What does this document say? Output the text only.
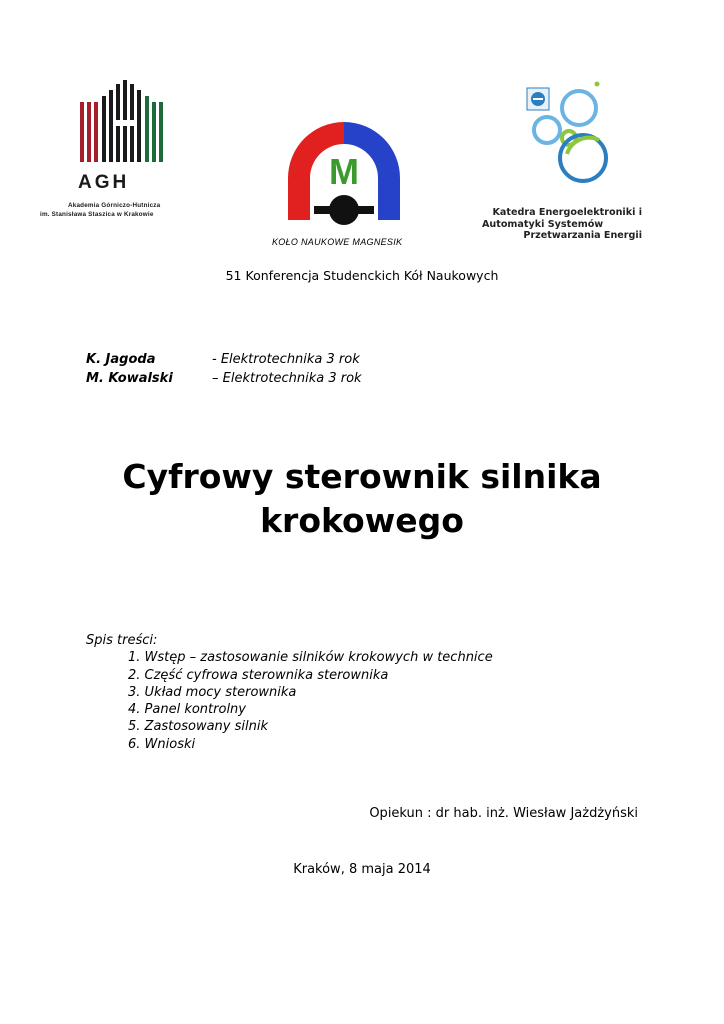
AGH
Akademia Górniczo-Hutnicza
im. Stanisława Staszica w Krakowie
M
KOŁO NAUKOWE MAGNESIK
Katedra Energoelektroniki i
Automatyki Systemów
Przetwarzania Energii
51 Konferencja Studenckich Kół Naukowych
K. Jagoda	- Elektrotechnika 3 rok
M. Kowalski	– Elektrotechnika 3 rok
Cyfrowy sterownik silnika
krokowego
Spis treści:
1. Wstęp – zastosowanie silników krokowych w technice
2. Część cyfrowa sterownika sterownika
3. Układ mocy sterownika
4. Panel kontrolny
5. Zastosowany silnik
6. Wnioski
Opiekun : dr hab. inż. Wiesław Jażdżyński
Kraków, 8 maja 2014
